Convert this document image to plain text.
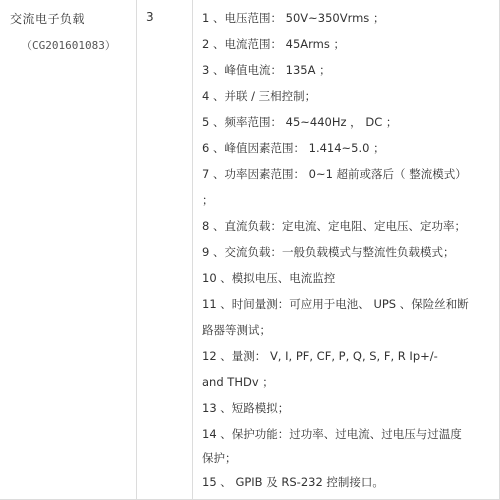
交流电子负载
（CG201601083）
3	1 、电压范围： 50V~350Vrms ；
2 、电流范围： 45Arms ；
3 、峰值电流： 135A ；
4 、并联 / 三相控制；
5 、频率范围： 45~440Hz ， DC ；
6 、峰值因素范围： 1.414~5.0 ；
7 、功率因素范围： 0~1 超前或落后（ 整流模式）
；
8 、直流负载：定电流、定电阻、定电压、定功率；
9 、交流负载：一般负载模式与整流性负载模式；
10 、模拟电压、电流监控
11 、时间量测：可应用于电池、 UPS 、保险丝和断
路器等测试；
12 、量测： V, I, PF, CF, P, Q, S, F, R Ip+/-
and THDv ；
13 、短路模拟；
14 、保护功能：过功率、过电流、过电压与过温度
保护；
15 、 GPIB 及 RS-232 控制接口。
